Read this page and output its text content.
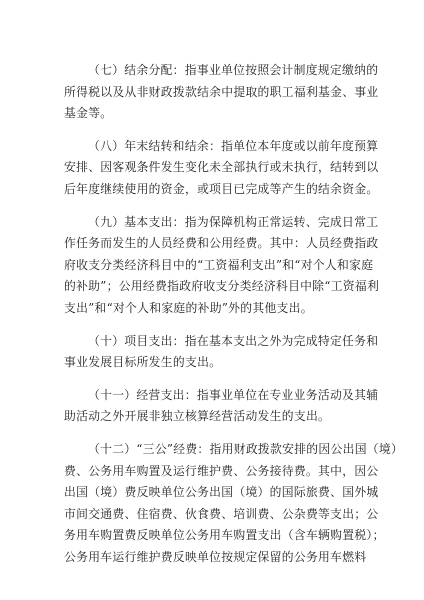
（七）结余分配：指事业单位按照会计制度规定缴纳的
所得税以及从非财政拨款结余中提取的职工福利基金、事业
基金等。

（八）年末结转和结余：指单位本年度或以前年度预算
安排、因客观条件发生变化未全部执行或未执行，结转到以
后年度继续使用的资金，或项目已完成等产生的结余资金。

（九）基本支出：指为保障机构正常运转、完成日常工
作任务而发生的人员经费和公用经费。其中：人员经费指政
府收支分类经济科目中的“工资福利支出”和“对个人和家庭
的补助”；公用经费指政府收支分类经济科目中除“工资福利
支出”和“对个人和家庭的补助”外的其他支出。

（十）项目支出：指在基本支出之外为完成特定任务和
事业发展目标所发生的支出。

（十一）经营支出：指事业单位在专业业务活动及其辅
助活动之外开展非独立核算经营活动发生的支出。

（十二）“三公”经费：指用财政拨款安排的因公出国（境）
费、公务用车购置及运行维护费、公务接待费。其中，因公
出国（境）费反映单位公务出国（境）的国际旅费、国外城
市间交通费、住宿费、伙食费、培训费、公杂费等支出；公
务用车购置费反映单位公务用车购置支出（含车辆购置税）；
公务用车运行维护费反映单位按规定保留的公务用车燃料
